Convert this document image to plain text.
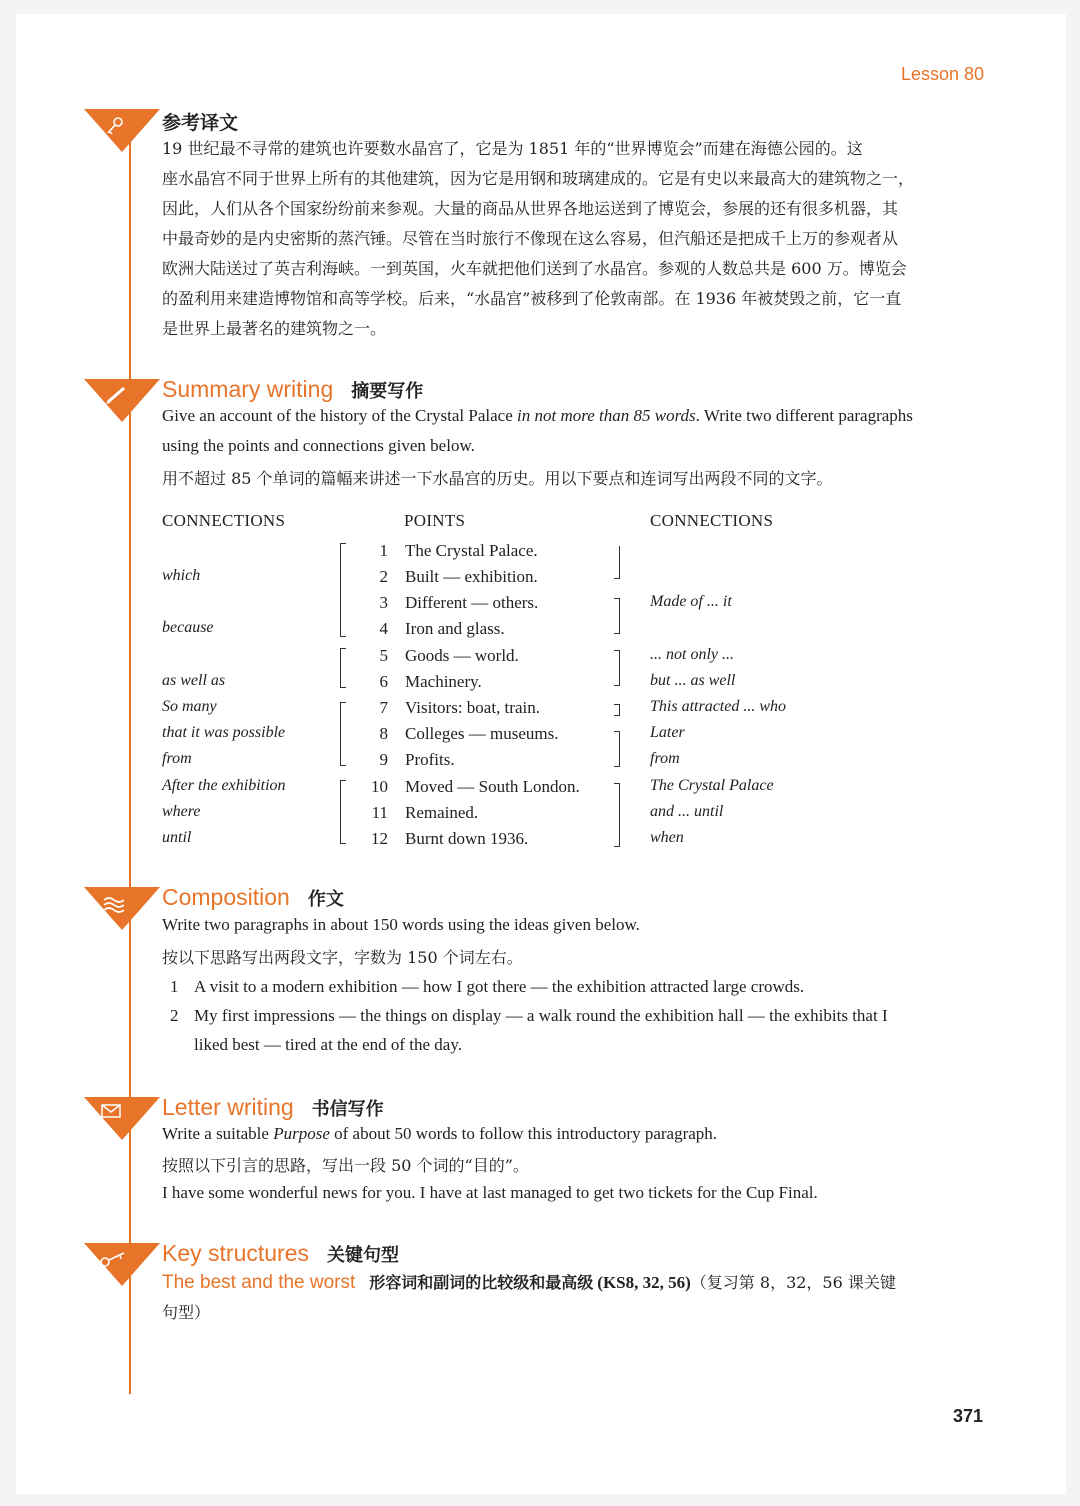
Lesson 80
参考译文
19 世纪最不寻常的建筑也许要数水晶宫了，它是为 1851 年的“世界博览会”而建在海德公园的。这
座水晶宫不同于世界上所有的其他建筑，因为它是用钢和玻璃建成的。它是有史以来最高大的建筑物之一，
因此，人们从各个国家纷纷前来参观。大量的商品从世界各地运送到了博览会，参展的还有很多机器，其
中最奇妙的是内史密斯的蒸汽锤。尽管在当时旅行不像现在这么容易，但汽船还是把成千上万的参观者从
欧洲大陆送过了英吉利海峡。一到英国，火车就把他们送到了水晶宫。参观的人数总共是 600 万。博览会
的盈利用来建造博物馆和高等学校。后来，“水晶宫”被移到了伦敦南部。在 1936 年被焚毁之前，它一直
是世界上最著名的建筑物之一。
Summary writing 摘要写作
Give an account of the history of the Crystal Palace in not more than 85 words. Write two different paragraphs
using the points and connections given below.
用不超过 85 个单词的篇幅来讲述一下水晶宫的历史。用以下要点和连词写出两段不同的文字。
CONNECTIONS	POINTS	CONNECTIONS
which
because
as well as
So many
that it was possible
from
After the exhibition
where
until
1 The Crystal Palace.
2 Built — exhibition.
3 Different — others.
4 Iron and glass.
5 Goods — world.
6 Machinery.
7 Visitors: boat, train.
8 Colleges — museums.
9 Profits.
10 Moved — South London.
11 Remained.
12 Burnt down 1936.
Made of ... it
... not only ...
but ... as well
This attracted ... who
Later
from
The Crystal Palace
and ... until
when
Composition 作文
Write two paragraphs in about 150 words using the ideas given below.
按以下思路写出两段文字，字数为 150 个词左右。
1 A visit to a modern exhibition — how I got there — the exhibition attracted large crowds.
2 My first impressions — the things on display — a walk round the exhibition hall — the exhibits that I
liked best — tired at the end of the day.
Letter writing 书信写作
Write a suitable Purpose of about 50 words to follow this introductory paragraph.
按照以下引言的思路，写出一段 50 个词的“目的”。
I have some wonderful news for you. I have at last managed to get two tickets for the Cup Final.
Key structures 关键句型
The best and the worst 形容词和副词的比较级和最高级 (KS8, 32, 56)（复习第 8，32，56 课关键
句型）
371
